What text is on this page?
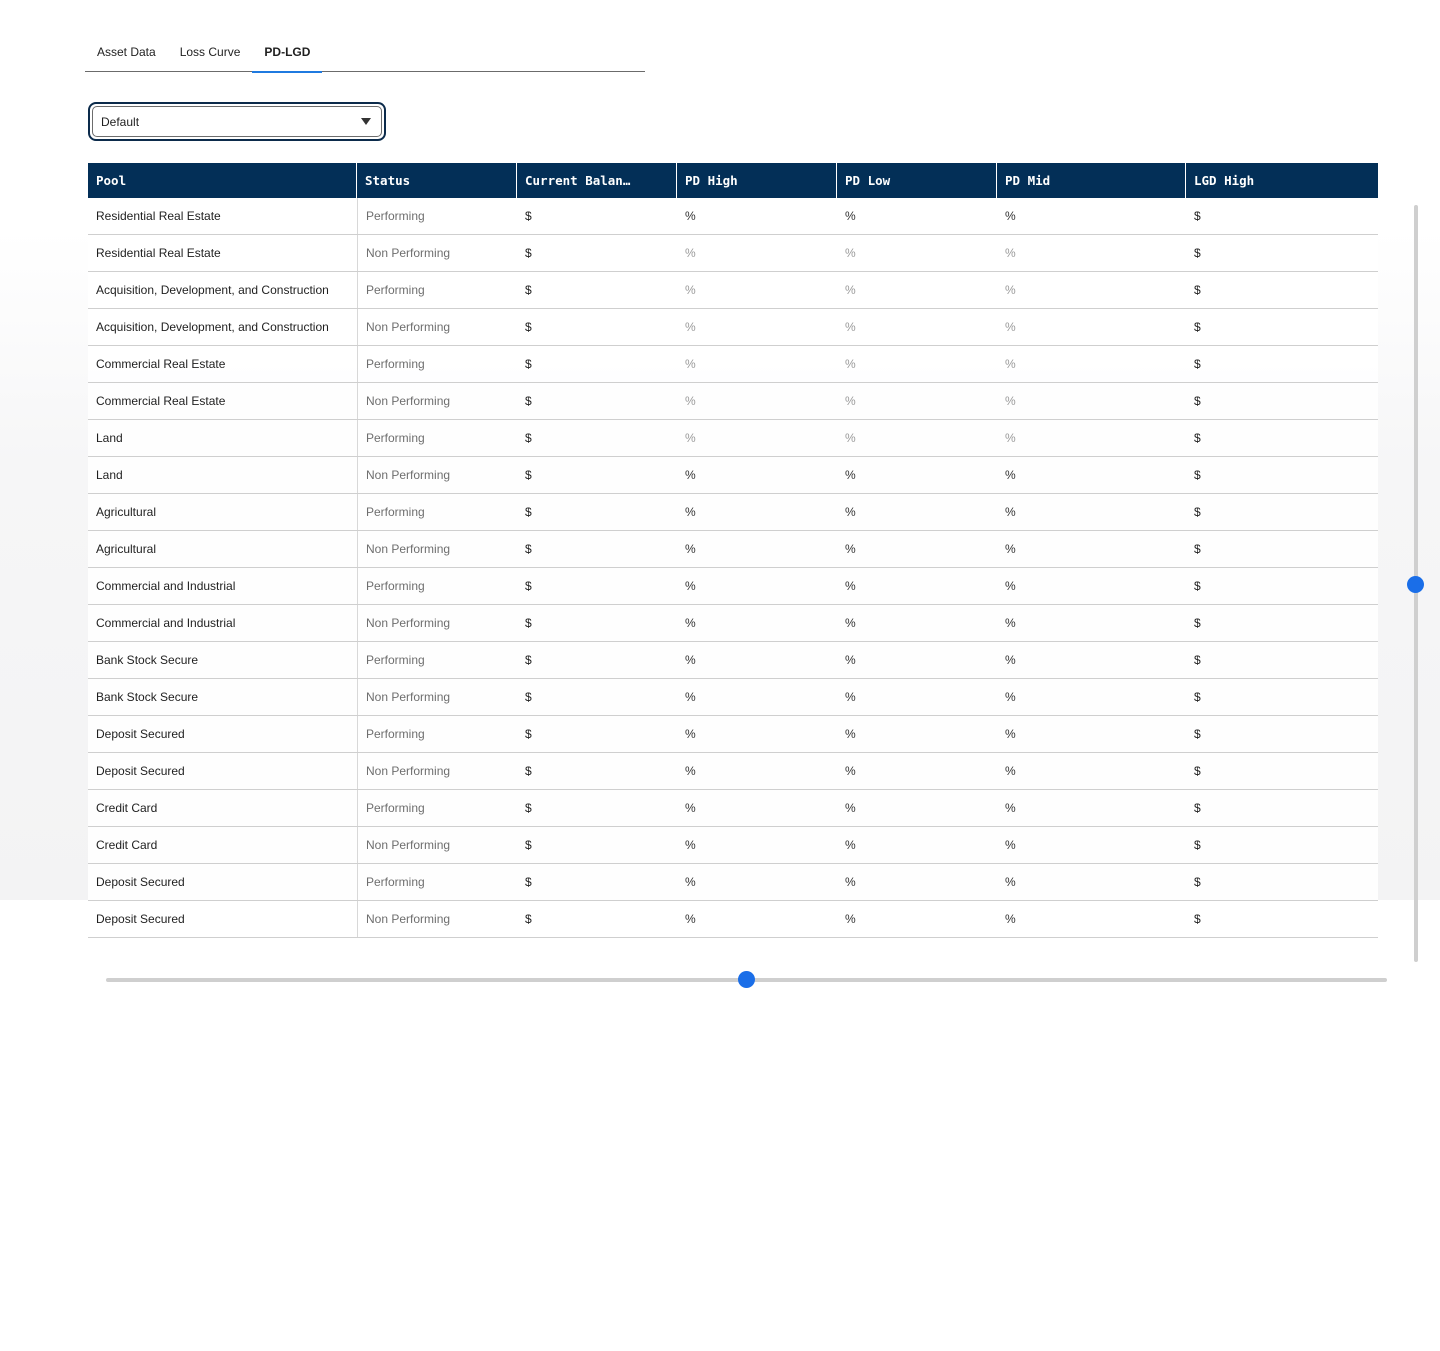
Asset Data	Loss Curve	PD-LGD
Default
Pool	Status	Current Balan…	PD High	PD Low	PD Mid	LGD High
Residential Real Estate	Performing	$	%	%	%	$
Residential Real Estate	Non Performing	$	%	%	%	$
Acquisition, Development, and Construction	Performing	$	%	%	%	$
Acquisition, Development, and Construction	Non Performing	$	%	%	%	$
Commercial Real Estate	Performing	$	%	%	%	$
Commercial Real Estate	Non Performing	$	%	%	%	$
Land	Performing	$	%	%	%	$
Land	Non Performing	$	%	%	%	$
Agricultural	Performing	$	%	%	%	$
Agricultural	Non Performing	$	%	%	%	$
Commercial and Industrial	Performing	$	%	%	%	$
Commercial and Industrial	Non Performing	$	%	%	%	$
Bank Stock Secure	Performing	$	%	%	%	$
Bank Stock Secure	Non Performing	$	%	%	%	$
Deposit Secured	Performing	$	%	%	%	$
Deposit Secured	Non Performing	$	%	%	%	$
Credit Card	Performing	$	%	%	%	$
Credit Card	Non Performing	$	%	%	%	$
Deposit Secured	Performing	$	%	%	%	$
Deposit Secured	Non Performing	$	%	%	%	$
